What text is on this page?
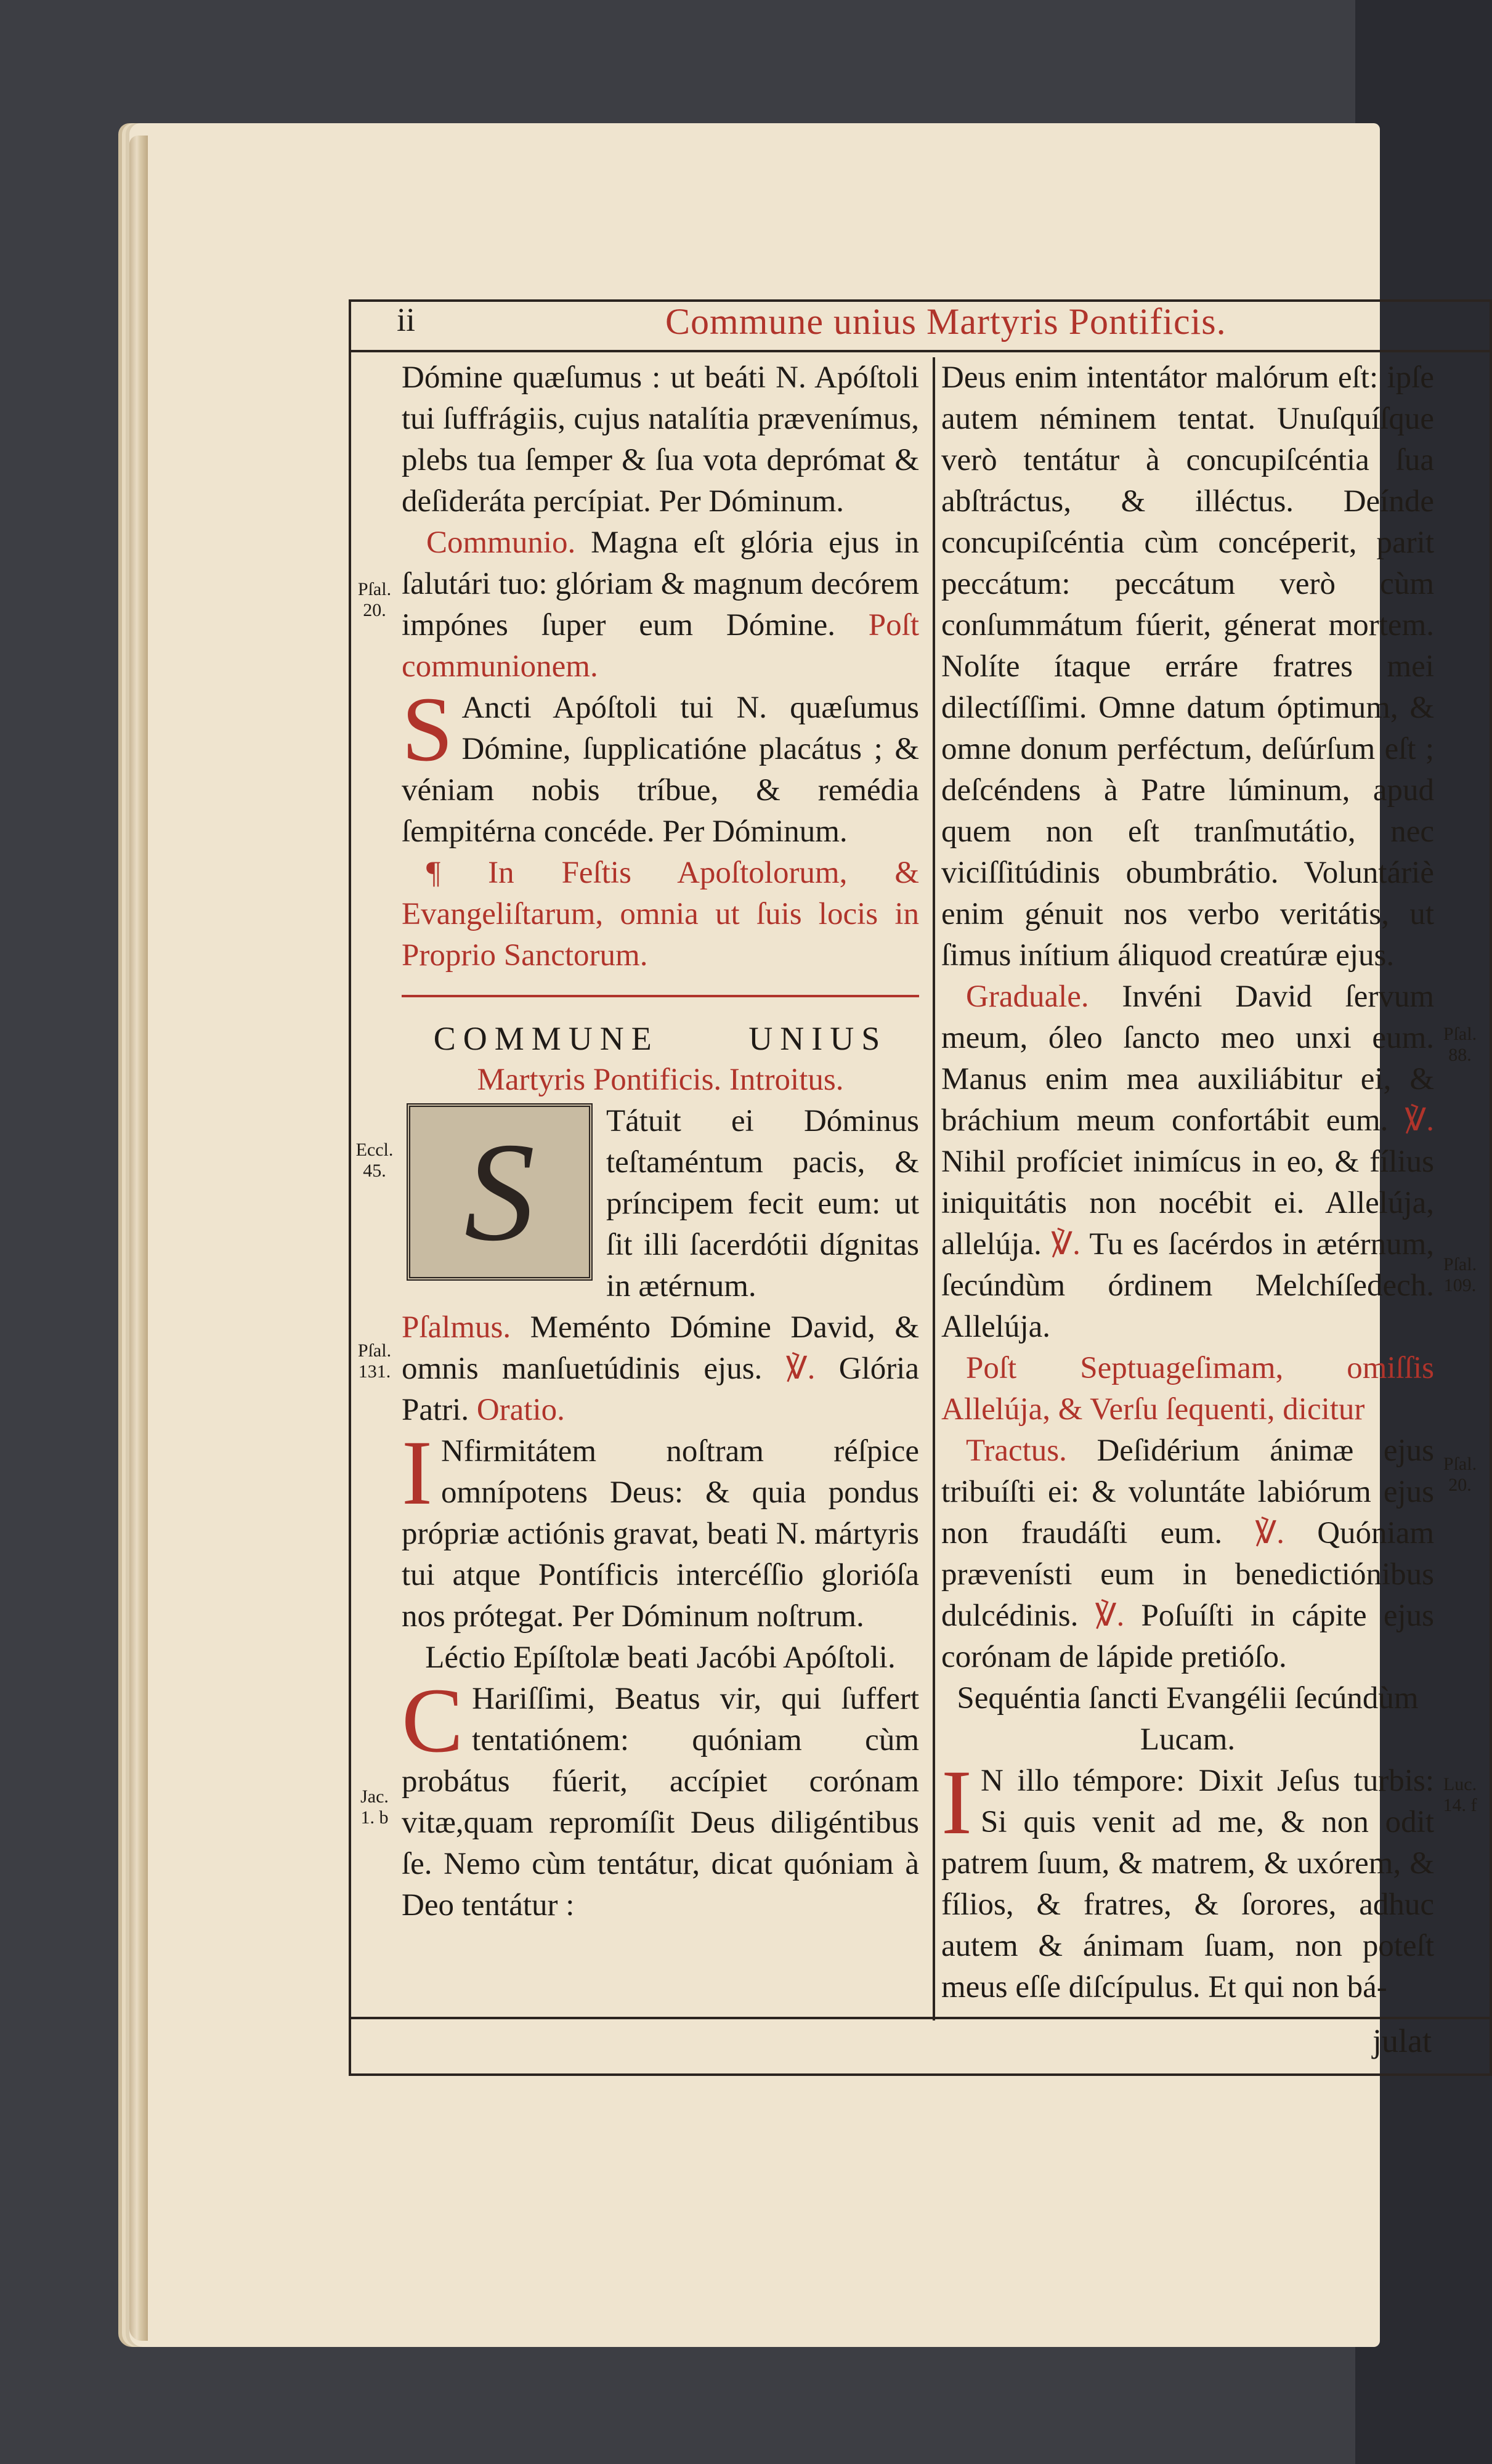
ii	Commune unius Martyris Pontificis.

Dómine quæſumus : ut beáti N. Apóſtoli tui ſuffrágiis, cujus natalítia prævenímus, plebs tua ſemper & ſua vota deprómat & deſideráta percípiat. Per Dóminum.

Communio. Magna eſt glória ejus in ſalutári tuo: glóriam & magnum decórem impónes ſuper eum Dómine. Poſt communionem.

S Ancti Apóſtoli tui N. quæſumus Dómine, ſupplicatióne placátus ; & véniam nobis tríbue, & remédia ſempitérna concéde. Per Dóminum.

¶ In Feſtis Apoſtolorum, & Evangeliſtarum, omnia ut ſuis locis in Proprio Sanctorum.

COMMUNE UNIUS

Martyris Pontificis. Introitus.

S	Tátuit ei Dóminus teſtaméntum pacis, & príncipem fecit eum: ut ſit illi ſacerdótii dígnitas in ætérnum.

Pſalmus. Meménto Dómine David, & omnis manſuetúdinis ejus. ℣. Glória Patri. Oratio.

I Nfirmitátem noſtram réſpice omnípotens Deus: & quia pondus própriæ actiónis gravat, beati N. mártyris tui atque Pontíficis intercéſſio glorióſa nos prótegat. Per Dóminum noſtrum.

Léctio Epíſtolæ beati Jacóbi Apóſtoli.

C Hariſſimi, Beatus vir, qui ſuffert tentatiónem: quóniam cùm probátus fúerit, accípiet corónam vitæ,quam repromíſit Deus diligéntibus ſe. Nemo cùm tentátur, dicat quóniam à Deo tentátur :

Deus enim intentátor malórum eſt: ipſe autem néminem tentat. Unuſquíſque verò tentátur à concupiſcéntia ſua abſtráctus, & illéctus. Deínde concupiſcéntia cùm concéperit, parit peccátum: peccátum verò cùm conſummátum fúerit, génerat mortem. Nolíte ítaque erráre fratres mei dilectíſſimi. Omne datum óptimum, & omne donum perféctum, deſúrſum eſt ; deſcéndens à Patre lúminum, apud quem non eſt tranſmutátio, nec viciſſitúdinis obumbrátio. Voluntáriè enim génuit nos verbo veritátis, ut ſimus inítium áliquod creatúræ ejus.

Graduale. Invéni David ſervum meum, óleo ſancto meo unxi eum. Manus enim mea auxiliábitur ei, & bráchium meum confortábit eum. ℣. Nihil profíciet inimícus in eo, & fílius iniquitátis non nocébit ei. Allelúja, allelúja. ℣. Tu es ſacérdos in ætérnum, ſecúndùm órdinem Melchíſedech. Allelúja.

Poſt Septuageſimam, omiſſis Allelúja, & Verſu ſequenti, dicitur

Tractus. Deſidérium ánimæ ejus tribuíſti ei: & voluntáte labiórum ejus non fraudáſti eum. ℣. Quóniam prævenísti eum in benedictiónibus dulcédinis. ℣. Poſuíſti in cápite ejus corónam de lápide pretióſo.

Sequéntia ſancti Evangélii ſecúndùm Lucam.

I N illo témpore: Dixit Jeſus turbis: Si quis venit ad me, & non odit patrem ſuum, & matrem, & uxórem, & fílios, & fratres, & ſorores, adhuc autem & ánimam ſuam, non poteſt meus eſſe diſcípulus. Et qui non bá-

Pſal. 20.
Eccl. 45.
Pſal. 131.
Jac. 1. b
Pſal. 88.
Pſal. 109.
Pſal. 20.
Luc. 14. f
julat
